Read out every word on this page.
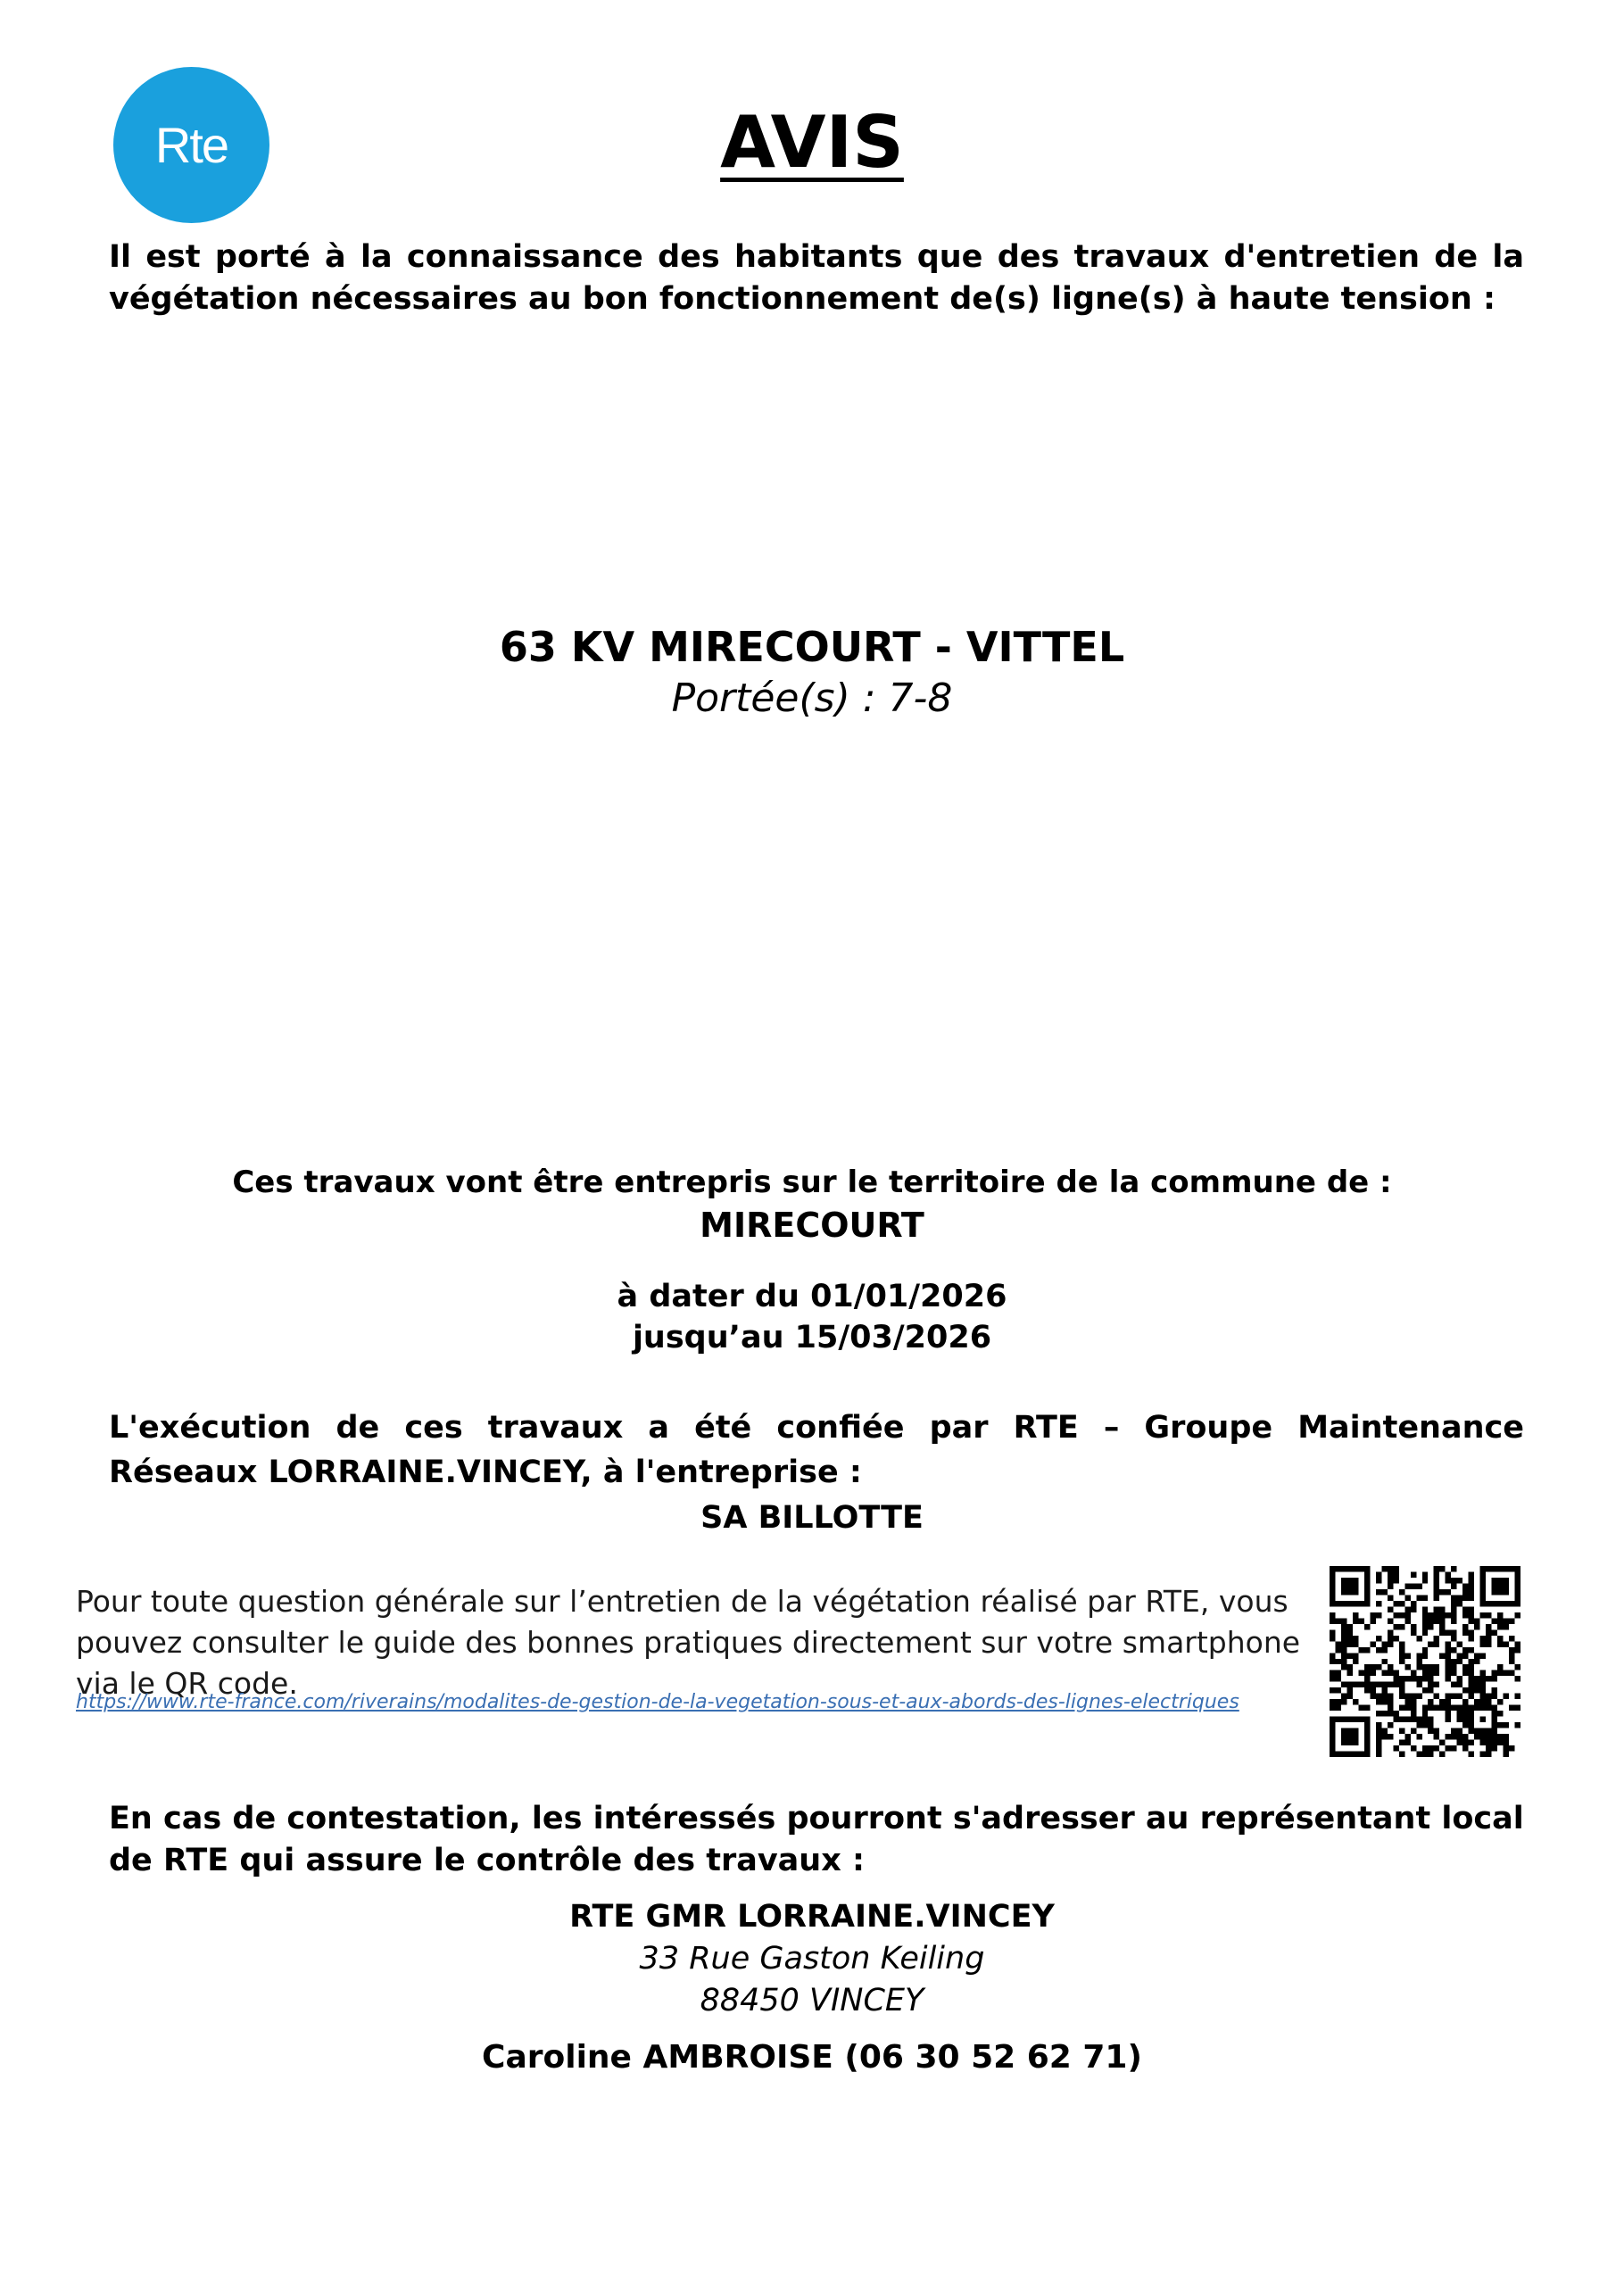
Rte	AVIS
Il est porté à la connaissance des habitants que des travaux d'entretien de la végétation nécessaires au bon fonctionnement de(s) ligne(s) à haute tension :
63 KV MIRECOURT - VITTEL
Portée(s) : 7-8
Ces travaux vont être entrepris sur le territoire de la commune de :
MIRECOURT
à dater du 01/01/2026
jusqu’au 15/03/2026
L'exécution de ces travaux a été confiée par RTE – Groupe Maintenance Réseaux LORRAINE.VINCEY, à l'entreprise :
SA BILLOTTE
Pour toute question générale sur l’entretien de la végétation réalisé par RTE, vous pouvez consulter le guide des bonnes pratiques directement sur votre smartphone via le QR code.
https://www.rte-france.com/riverains/modalites-de-gestion-de-la-vegetation-sous-et-aux-abords-des-lignes-electriques
En cas de contestation, les intéressés pourront s'adresser au représentant local de RTE qui assure le contrôle des travaux :
RTE GMR LORRAINE.VINCEY
33 Rue Gaston Keiling
88450 VINCEY
Caroline AMBROISE (06 30 52 62 71)
